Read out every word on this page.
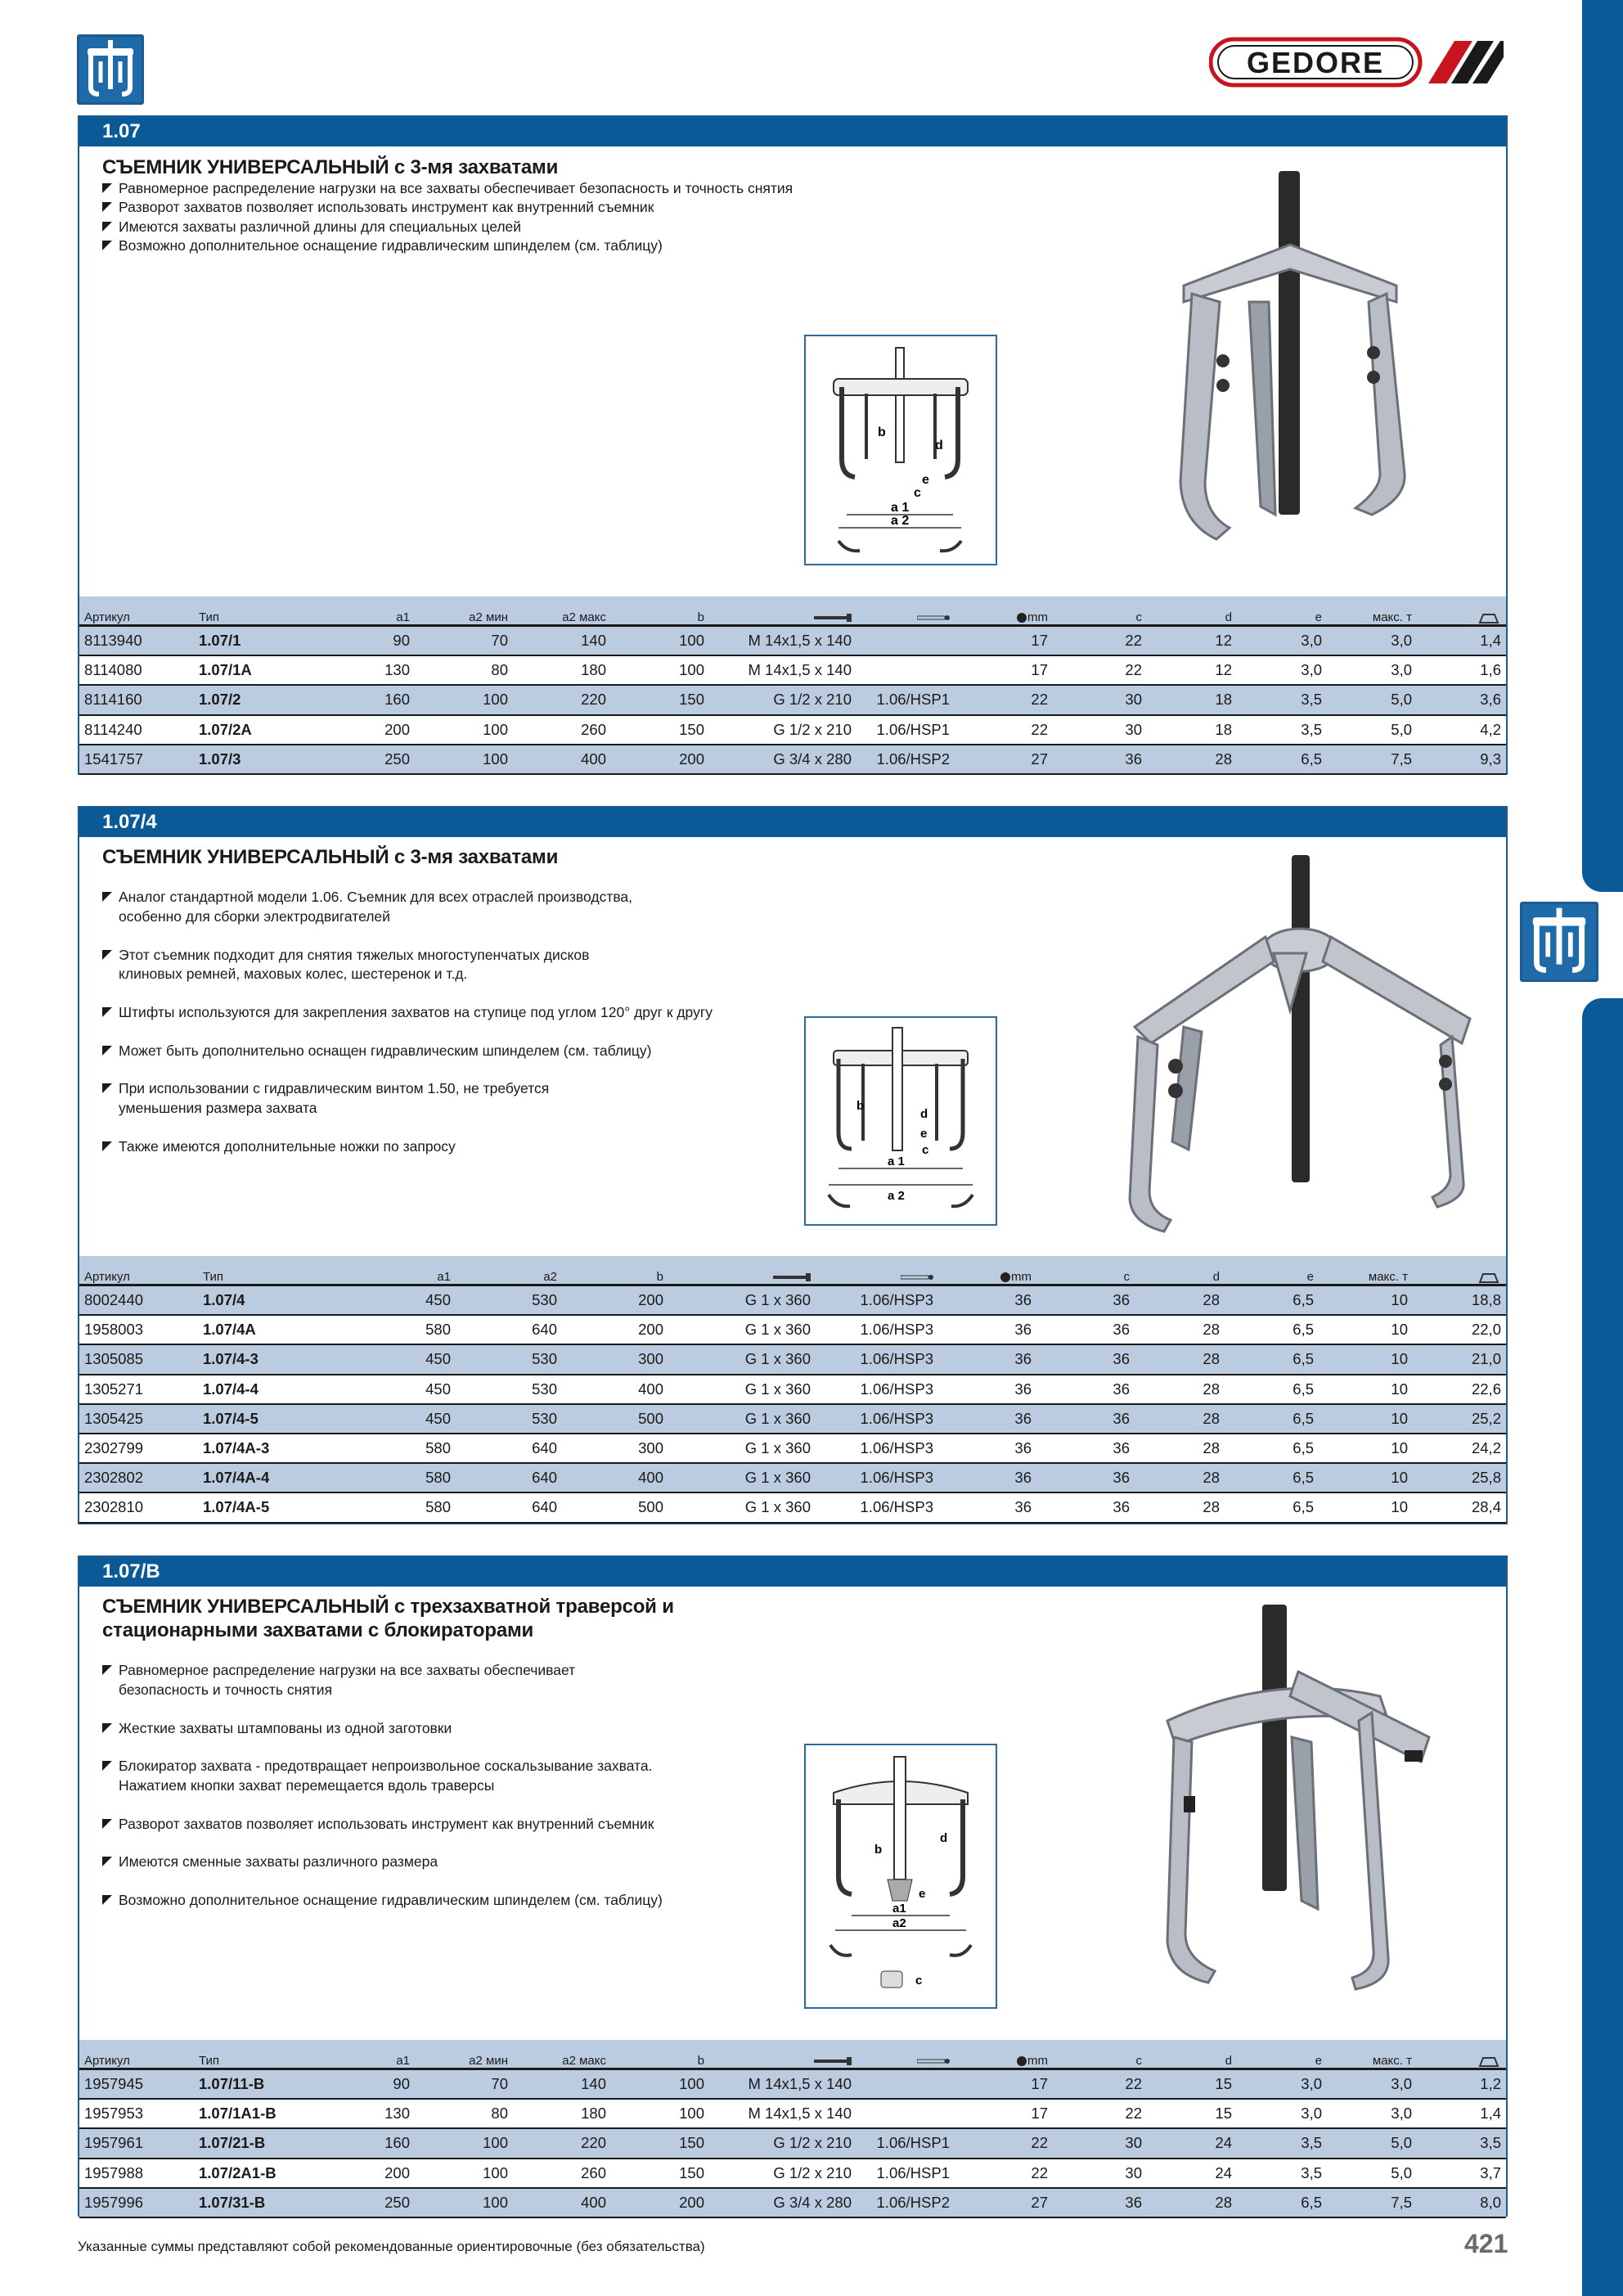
GEDORE
1.07
СЪЕМНИК УНИВЕРСАЛЬНЫЙ с 3-мя захватами
Равномерное распределение нагрузки на все захваты обеспечивает безопасность и точность снятия
Разворот захватов позволяет использовать инструмент как внутренний съемник
Имеются захваты различной длины для специальных целей
Возможно дополнительное оснащение гидравлическим шпинделем (см. таблицу)
b
d
e
c
a 1
a 2
Артикул	Тип	a1	a2 мин	a2 макс	b			mm	c	d	e	макс. т	
8113940	1.07/1	90	70	140	100	M 14x1,5 x 140		17	22	12	3,0	3,0	1,4
8114080	1.07/1A	130	80	180	100	M 14x1,5 x 140		17	22	12	3,0	3,0	1,6
8114160	1.07/2	160	100	220	150	G 1/2 x 210	1.06/HSP1	22	30	18	3,5	5,0	3,6
8114240	1.07/2A	200	100	260	150	G 1/2 x 210	1.06/HSP1	22	30	18	3,5	5,0	4,2
1541757	1.07/3	250	100	400	200	G 3/4 x 280	1.06/HSP2	27	36	28	6,5	7,5	9,3
1.07/4
СЪЕМНИК УНИВЕРСАЛЬНЫЙ с 3-мя захватами

Аналог стандартной модели 1.06. Съемник для всех отраслей производства,
особенно для сборки электродвигателей

Этот съемник подходит для снятия тяжелых многоступенчатых дисков
клиновых ремней, маховых колес, шестеренок и т.д.

Штифты используются для закрепления захватов на ступице под углом 120° друг к другу

Может быть дополнительно оснащен гидравлическим шпинделем (см. таблицу)

При использовании с гидравлическим винтом 1.50, не требуется
уменьшения размера захвата

Также имеются дополнительные ножки по запросу

b
d
e
c
a 1
a 2
Артикул	Тип	a1	a2	b			mm	c	d	e	макс. т	
8002440	1.07/4	450	530	200	G 1 x 360	1.06/HSP3	36	36	28	6,5	10	18,8
1958003	1.07/4A	580	640	200	G 1 x 360	1.06/HSP3	36	36	28	6,5	10	22,0
1305085	1.07/4-3	450	530	300	G 1 x 360	1.06/HSP3	36	36	28	6,5	10	21,0
1305271	1.07/4-4	450	530	400	G 1 x 360	1.06/HSP3	36	36	28	6,5	10	22,6
1305425	1.07/4-5	450	530	500	G 1 x 360	1.06/HSP3	36	36	28	6,5	10	25,2
2302799	1.07/4A-3	580	640	300	G 1 x 360	1.06/HSP3	36	36	28	6,5	10	24,2
2302802	1.07/4A-4	580	640	400	G 1 x 360	1.06/HSP3	36	36	28	6,5	10	25,8
2302810	1.07/4A-5	580	640	500	G 1 x 360	1.06/HSP3	36	36	28	6,5	10	28,4
1.07/B
СЪЕМНИК УНИВЕРСАЛЬНЫЙ с трехзахватной траверсой и
стационарными захватами с блокираторами

Равномерное распределение нагрузки на все захваты обеспечивает
безопасность и точность снятия

Жесткие захваты штампованы из одной заготовки

Блокиратор захвата - предотвращает непроизвольное соскальзывание захвата.
Нажатием кнопки захват перемещается вдоль траверсы

Разворот захватов позволяет использовать инструмент как внутренний съемник

Имеются сменные захваты различного размера

Возможно дополнительное оснащение гидравлическим шпинделем (см. таблицу)

b
d
e
a1
a2
c
Артикул	Тип	a1	a2 мин	a2 макс	b			mm	c	d	e	макс. т	
1957945	1.07/11-B	90	70	140	100	M 14x1,5 x 140		17	22	15	3,0	3,0	1,2
1957953	1.07/1A1-B	130	80	180	100	M 14x1,5 x 140		17	22	15	3,0	3,0	1,4
1957961	1.07/21-B	160	100	220	150	G 1/2 x 210	1.06/HSP1	22	30	24	3,5	5,0	3,5
1957988	1.07/2A1-B	200	100	260	150	G 1/2 x 210	1.06/HSP1	22	30	24	3,5	5,0	3,7
1957996	1.07/31-B	250	100	400	200	G 3/4 x 280	1.06/HSP2	27	36	28	6,5	7,5	8,0
Указанные суммы представляют собой рекомендованные ориентировочные (без обязательства)	421
